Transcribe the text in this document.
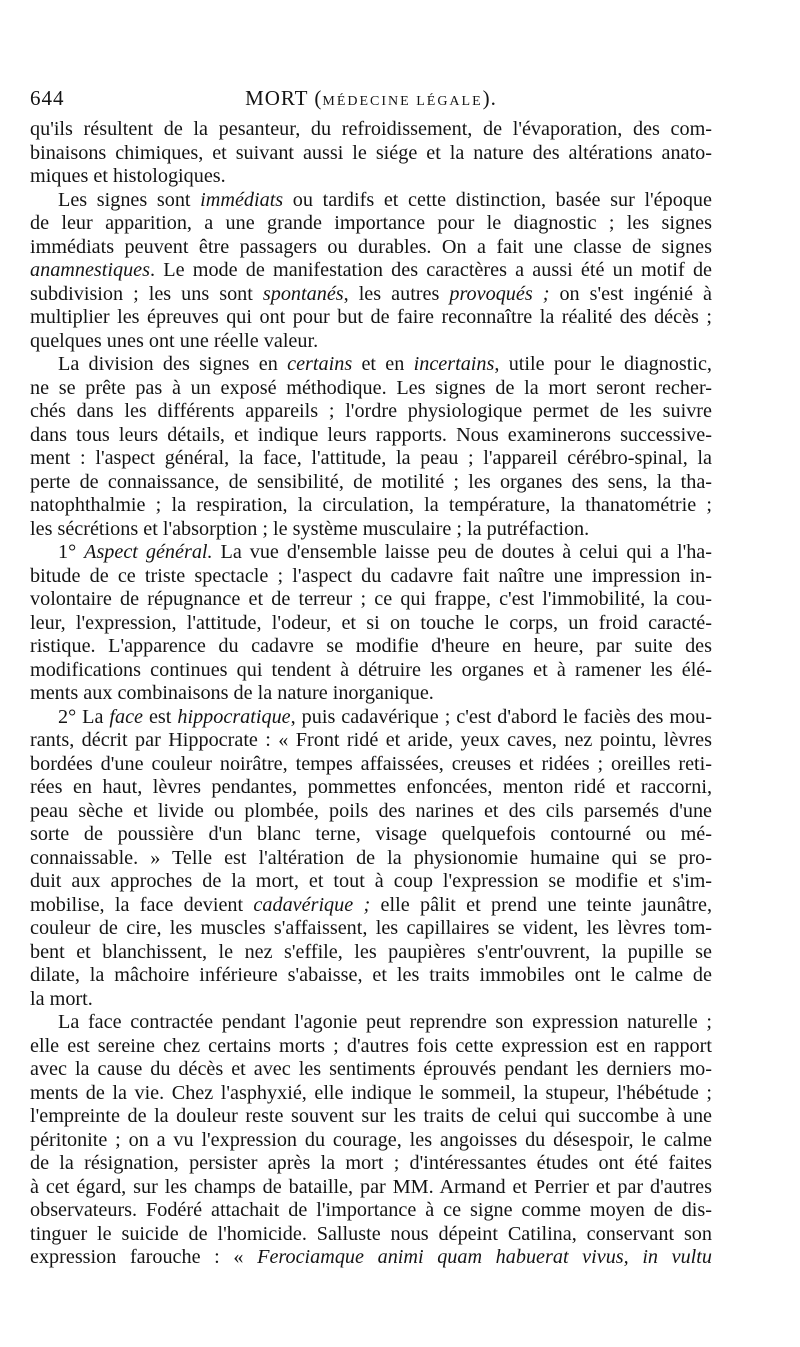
644	MORT (MÉDECINE LÉGALE).

qu'ils résultent de la pesanteur, du refroidissement, de l'évaporation, des com-

binaisons chimiques, et suivant aussi le siége et la nature des altérations anato-

miques et histologiques.

Les signes sont immédiats ou tardifs et cette distinction, basée sur l'époque

de leur apparition, a une grande importance pour le diagnostic ; les signes

immédiats peuvent être passagers ou durables. On a fait une classe de signes

anamnestiques. Le mode de manifestation des caractères a aussi été un motif de

subdivision ; les uns sont spontanés, les autres provoqués ; on s'est ingénié à

multiplier les épreuves qui ont pour but de faire reconnaître la réalité des décès ;

quelques unes ont une réelle valeur.

La division des signes en certains et en incertains, utile pour le diagnostic,

ne se prête pas à un exposé méthodique. Les signes de la mort seront recher-

chés dans les différents appareils ; l'ordre physiologique permet de les suivre

dans tous leurs détails, et indique leurs rapports. Nous examinerons successive-

ment : l'aspect général, la face, l'attitude, la peau ; l'appareil cérébro-spinal, la

perte de connaissance, de sensibilité, de motilité ; les organes des sens, la tha-

natophthalmie ; la respiration, la circulation, la température, la thanatométrie ;

les sécrétions et l'absorption ; le système musculaire ; la putréfaction.

1° Aspect général. La vue d'ensemble laisse peu de doutes à celui qui a l'ha-

bitude de ce triste spectacle ; l'aspect du cadavre fait naître une impression in-

volontaire de répugnance et de terreur ; ce qui frappe, c'est l'immobilité, la cou-

leur, l'expression, l'attitude, l'odeur, et si on touche le corps, un froid caracté-

ristique. L'apparence du cadavre se modifie d'heure en heure, par suite des

modifications continues qui tendent à détruire les organes et à ramener les élé-

ments aux combinaisons de la nature inorganique.

2° La face est hippocratique, puis cadavérique ; c'est d'abord le faciès des mou-

rants, décrit par Hippocrate : « Front ridé et aride, yeux caves, nez pointu, lèvres

bordées d'une couleur noirâtre, tempes affaissées, creuses et ridées ; oreilles reti-

rées en haut, lèvres pendantes, pommettes enfoncées, menton ridé et raccorni,

peau sèche et livide ou plombée, poils des narines et des cils parsemés d'une

sorte de poussière d'un blanc terne, visage quelquefois contourné ou mé-

connaissable. » Telle est l'altération de la physionomie humaine qui se pro-

duit aux approches de la mort, et tout à coup l'expression se modifie et s'im-

mobilise, la face devient cadavérique ; elle pâlit et prend une teinte jaunâtre,

couleur de cire, les muscles s'affaissent, les capillaires se vident, les lèvres tom-

bent et blanchissent, le nez s'effile, les paupières s'entr'ouvrent, la pupille se

dilate, la mâchoire inférieure s'abaisse, et les traits immobiles ont le calme de

la mort.

La face contractée pendant l'agonie peut reprendre son expression naturelle ;

elle est sereine chez certains morts ; d'autres fois cette expression est en rapport

avec la cause du décès et avec les sentiments éprouvés pendant les derniers mo-

ments de la vie. Chez l'asphyxié, elle indique le sommeil, la stupeur, l'hébétude ;

l'empreinte de la douleur reste souvent sur les traits de celui qui succombe à une

péritonite ; on a vu l'expression du courage, les angoisses du désespoir, le calme

de la résignation, persister après la mort ; d'intéressantes études ont été faites

à cet égard, sur les champs de bataille, par MM. Armand et Perrier et par d'autres

observateurs. Fodéré attachait de l'importance à ce signe comme moyen de dis-

tinguer le suicide de l'homicide. Salluste nous dépeint Catilina, conservant son

expression farouche : « Ferociamque animi quam habuerat vivus, in vultu
